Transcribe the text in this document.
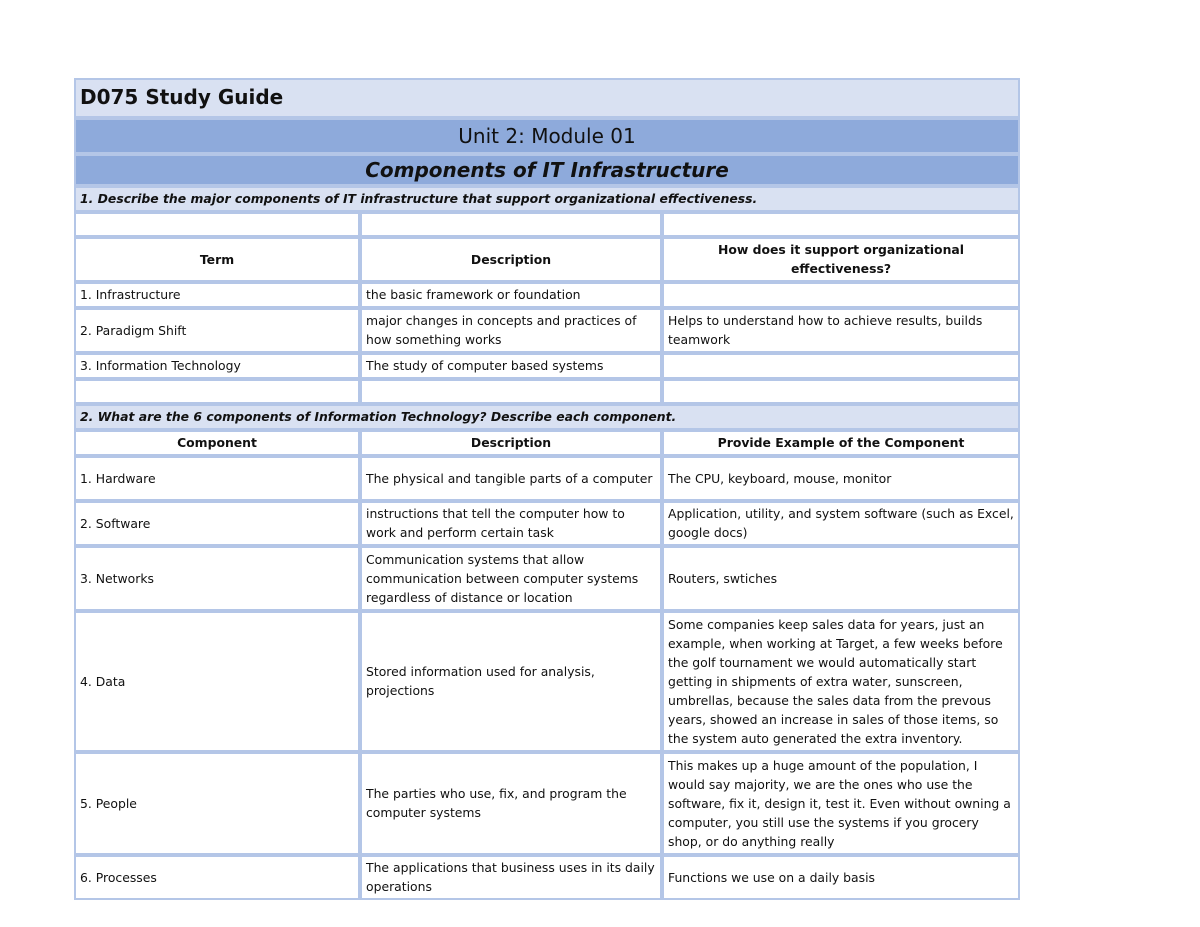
D075 Study Guide		
Unit 2: Module 01		
Components of IT Infrastructure		
1. Describe the major components of IT infrastructure that support organizational effectiveness.		

Term	Description	How does it support organizational effectiveness?
1. Infrastructure	the basic framework or foundation	
2. Paradigm Shift	major changes in concepts and practices of how something works	Helps to understand how to achieve results, builds teamwork
3. Information Technology	The study of computer based systems	

2. What are the 6 components of Information Technology? Describe each component.		
Component	Description	Provide Example of the Component
1. Hardware	The physical and tangible parts of a computer	The CPU, keyboard, mouse, monitor
2. Software	instructions that tell the computer how to work and perform certain task	Application, utility, and system software (such as Excel, google docs)
3. Networks	Communication systems that allow communication between computer systems regardless of distance or location	Routers, swtiches
4. Data	Stored information used for analysis, projections	Some companies keep sales data for years, just an example, when working at Target, a few weeks before the golf tournament we would automatically start getting in shipments of extra water, sunscreen, umbrellas, because the sales data from the prevous years, showed an increase in sales of those items, so the system auto generated the extra inventory.
5. People	The parties who use, fix, and program the computer systems	This makes up a huge amount of the population, I would say majority, we are the ones who use the software, fix it, design it, test it. Even without owning a computer, you still use the systems if you grocery shop, or do anything really
6. Processes	The applications that business uses in its daily operations	Functions we use on a daily basis
